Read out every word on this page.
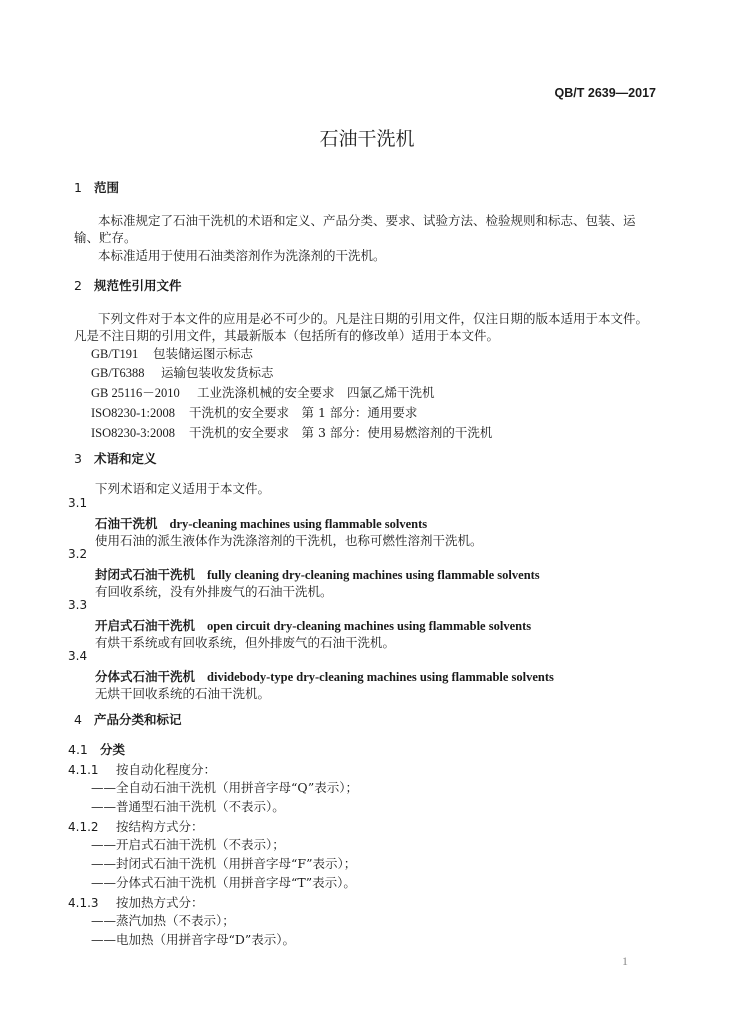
QB/T 2639—2017
石油干洗机
1 范围
本标准规定了石油干洗机的术语和定义、产品分类、要求、试验方法、检验规则和标志、包装、运
输、贮存。
本标准适用于使用石油类溶剂作为洗涤剂的干洗机。
2 规范性引用文件
下列文件对于本文件的应用是必不可少的。凡是注日期的引用文件，仅注日期的版本适用于本文件。
凡是不注日期的引用文件，其最新版本（包括所有的修改单）适用于本文件。
GB/T191 包装储运图示标志
GB/T6388 运输包装收发货标志
GB 25116－2010 工业洗涤机械的安全要求　四氯乙烯干洗机
ISO8230-1:2008 干洗机的安全要求　第 1 部分：通用要求
ISO8230-3:2008 干洗机的安全要求　第 3 部分：使用易燃溶剂的干洗机
3 术语和定义
下列术语和定义适用于本文件。
3.1
石油干洗机 dry-cleaning machines using flammable solvents
使用石油的派生液体作为洗涤溶剂的干洗机，也称可燃性溶剂干洗机。
3.2
封闭式石油干洗机 fully cleaning dry-cleaning machines using flammable solvents
有回收系统，没有外排废气的石油干洗机。
3.3
开启式石油干洗机 open circuit dry-cleaning machines using flammable solvents
有烘干系统或有回收系统，但外排废气的石油干洗机。
3.4
分体式石油干洗机 dividebody-type dry-cleaning machines using flammable solvents
无烘干回收系统的石油干洗机。
4 产品分类和标记
4.1 分类
4.1.1 按自动化程度分：
——全自动石油干洗机（用拼音字母“Q”表示）；
——普通型石油干洗机（不表示）。
4.1.2 按结构方式分：
——开启式石油干洗机（不表示）；
——封闭式石油干洗机（用拼音字母“F”表示）；
——分体式石油干洗机（用拼音字母“T”表示）。
4.1.3 按加热方式分：
——蒸汽加热（不表示）；
——电加热（用拼音字母“D”表示）。
1
